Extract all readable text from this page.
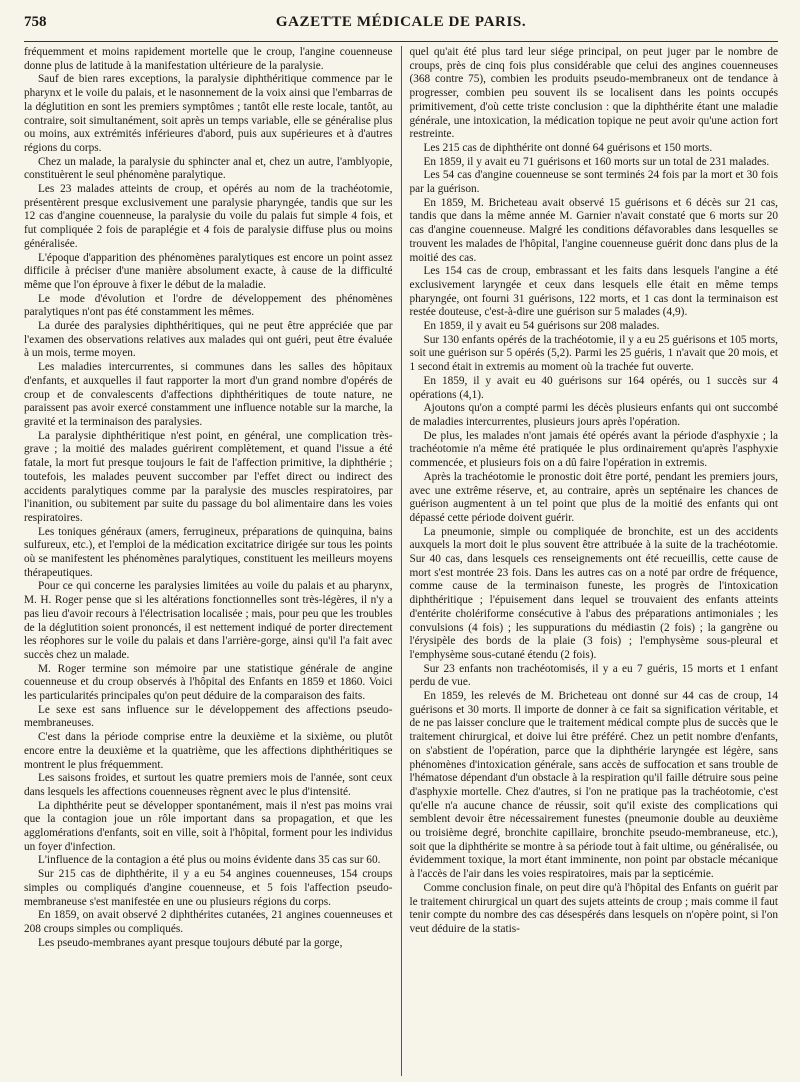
758	GAZETTE MÉDICALE DE PARIS.

fréquemment et moins rapidement mortelle que le croup, l'angine couenneuse donne plus de latitude à la manifestation ultérieure de la paralysie.

Sauf de bien rares exceptions, la paralysie diphthéritique commence par le pharynx et le voile du palais, et le nasonnement de la voix ainsi que l'embarras de la déglutition en sont les premiers symptômes ; tantôt elle reste locale, tantôt, au contraire, soit simultanément, soit après un temps variable, elle se généralise plus ou moins, aux extrémités inférieures d'abord, puis aux supérieures et à d'autres régions du corps.

Chez un malade, la paralysie du sphincter anal et, chez un autre, l'amblyopie, constituèrent le seul phénomène paralytique.

Les 23 malades atteints de croup, et opérés au nom de la trachéotomie, présentèrent presque exclusivement une paralysie pharyngée, tandis que sur les 12 cas d'angine couenneuse, la paralysie du voile du palais fut simple 4 fois, et fut compliquée 2 fois de paraplégie et 4 fois de paralysie diffuse plus ou moins généralisée.

L'époque d'apparition des phénomènes paralytiques est encore un point assez difficile à préciser d'une manière absolument exacte, à cause de la difficulté même que l'on éprouve à fixer le début de la maladie.

Le mode d'évolution et l'ordre de développement des phénomènes paralytiques n'ont pas été constamment les mêmes.

La durée des paralysies diphthéritiques, qui ne peut être appréciée que par l'examen des observations relatives aux malades qui ont guéri, peut être évaluée à un mois, terme moyen.

Les maladies intercurrentes, si communes dans les salles des hôpitaux d'enfants, et auxquelles il faut rapporter la mort d'un grand nombre d'opérés de croup et de convalescents d'affections diphthéritiques de toute nature, ne paraissent pas avoir exercé constamment une influence notable sur la marche, la gravité et la terminaison des paralysies.

La paralysie diphthéritique n'est point, en général, une complication très-grave ; la moitié des malades guérirent complètement, et quand l'issue a été fatale, la mort fut presque toujours le fait de l'affection primitive, la diphthérie ; toutefois, les malades peuvent succomber par l'effet direct ou indirect des accidents paralytiques comme par la paralysie des muscles respiratoires, par l'inanition, ou subitement par suite du passage du bol alimentaire dans les voies respiratoires.

Les toniques généraux (amers, ferrugineux, préparations de quinquina, bains sulfureux, etc.), et l'emploi de la médication excitatrice dirigée sur tous les points où se manifestent les phénomènes paralytiques, constituent les meilleurs moyens thérapeutiques.

Pour ce qui concerne les paralysies limitées au voile du palais et au pharynx, M. H. Roger pense que si les altérations fonctionnelles sont très-légères, il n'y a pas lieu d'avoir recours à l'électrisation localisée ; mais, pour peu que les troubles de la déglutition soient prononcés, il est nettement indiqué de porter directement les réophores sur le voile du palais et dans l'arrière-gorge, ainsi qu'il l'a fait avec succès chez un malade.

M. Roger termine son mémoire par une statistique générale de angine couenneuse et du croup observés à l'hôpital des Enfants en 1859 et 1860. Voici les particularités principales qu'on peut déduire de la comparaison des faits.

Le sexe est sans influence sur le développement des affections pseudo-membraneuses.

C'est dans la période comprise entre la deuxième et la sixième, ou plutôt encore entre la deuxième et la quatrième, que les affections diphthéritiques se montrent le plus fréquemment.

Les saisons froides, et surtout les quatre premiers mois de l'année, sont ceux dans lesquels les affections couenneuses règnent avec le plus d'intensité.

La diphthérite peut se développer spontanément, mais il n'est pas moins vrai que la contagion joue un rôle important dans sa propagation, et que les agglomérations d'enfants, soit en ville, soit à l'hôpital, forment pour les individus un foyer d'infection.

L'influence de la contagion a été plus ou moins évidente dans 35 cas sur 60.

Sur 215 cas de diphthérite, il y a eu 54 angines couenneuses, 154 croups simples ou compliqués d'angine couenneuse, et 5 fois l'affection pseudo-membraneuse s'est manifestée en une ou plusieurs régions du corps.

En 1859, on avait observé 2 diphthérites cutanées, 21 angines couenneuses et 208 croups simples ou compliqués.

Les pseudo-membranes ayant presque toujours débuté par la gorge,

quel qu'ait été plus tard leur siége principal, on peut juger par le nombre de croups, près de cinq fois plus considérable que celui des angines couenneuses (368 contre 75), combien les produits pseudo-membraneux ont de tendance à progresser, combien peu souvent ils se localisent dans les points occupés primitivement, d'où cette triste conclusion : que la diphthérite étant une maladie générale, une intoxication, la médication topique ne peut avoir qu'une action fort restreinte.

Les 215 cas de diphthérite ont donné 64 guérisons et 150 morts.

En 1859, il y avait eu 71 guérisons et 160 morts sur un total de 231 malades.

Les 54 cas d'angine couenneuse se sont terminés 24 fois par la mort et 30 fois par la guérison.

En 1859, M. Bricheteau avait observé 15 guérisons et 6 décès sur 21 cas, tandis que dans la même année M. Garnier n'avait constaté que 6 morts sur 20 cas d'angine couenneuse. Malgré les conditions défavorables dans lesquelles se trouvent les malades de l'hôpital, l'angine couenneuse guérit donc dans plus de la moitié des cas.

Les 154 cas de croup, embrassant et les faits dans lesquels l'angine a été exclusivement laryngée et ceux dans lesquels elle était en même temps pharyngée, ont fourni 31 guérisons, 122 morts, et 1 cas dont la terminaison est restée douteuse, c'est-à-dire une guérison sur 5 malades (4,9).

En 1859, il y avait eu 54 guérisons sur 208 malades.

Sur 130 enfants opérés de la trachéotomie, il y a eu 25 guérisons et 105 morts, soit une guérison sur 5 opérés (5,2). Parmi les 25 guéris, 1 n'avait que 20 mois, et 1 second était in extremis au moment où la trachée fut ouverte.

En 1859, il y avait eu 40 guérisons sur 164 opérés, ou 1 succès sur 4 opérations (4,1).

Ajoutons qu'on a compté parmi les décès plusieurs enfants qui ont succombé de maladies intercurrentes, plusieurs jours après l'opération.

De plus, les malades n'ont jamais été opérés avant la période d'asphyxie ; la trachéotomie n'a même été pratiquée le plus ordinairement qu'après l'asphyxie commencée, et plusieurs fois on a dû faire l'opération in extremis.

Après la trachéotomie le pronostic doit être porté, pendant les premiers jours, avec une extrême réserve, et, au contraire, après un septénaire les chances de guérison augmentent à un tel point que plus de la moitié des enfants qui ont dépassé cette période doivent guérir.

La pneumonie, simple ou compliquée de bronchite, est un des accidents auxquels la mort doit le plus souvent être attribuée à la suite de la trachéotomie. Sur 40 cas, dans lesquels ces renseignements ont été recueillis, cette cause de mort s'est montrée 23 fois. Dans les autres cas on a noté par ordre de fréquence, comme cause de la terminaison funeste, les progrès de l'intoxication diphthéritique ; l'épuisement dans lequel se trouvaient des enfants atteints d'entérite cholériforme consécutive à l'abus des préparations antimoniales ; les convulsions (4 fois) ; les suppurations du médiastin (2 fois) ; la gangrène ou l'érysipèle des bords de la plaie (3 fois) ; l'emphysème sous-pleural et l'emphysème sous-cutané étendu (2 fois).

Sur 23 enfants non trachéotomisés, il y a eu 7 guéris, 15 morts et 1 enfant perdu de vue.

En 1859, les relevés de M. Bricheteau ont donné sur 44 cas de croup, 14 guérisons et 30 morts. Il importe de donner à ce fait sa signification véritable, et de ne pas laisser conclure que le traitement médical compte plus de succès que le traitement chirurgical, et doive lui être préféré. Chez un petit nombre d'enfants, on s'abstient de l'opération, parce que la diphthérie laryngée est légère, sans phénomènes d'intoxication générale, sans accès de suffocation et sans trouble de l'hématose dépendant d'un obstacle à la respiration qu'il faille détruire sous peine d'asphyxie mortelle. Chez d'autres, si l'on ne pratique pas la trachéotomie, c'est qu'elle n'a aucune chance de réussir, soit qu'il existe des complications qui semblent devoir être nécessairement funestes (pneumonie double au deuxième ou troisième degré, bronchite capillaire, bronchite pseudo-membraneuse, etc.), soit que la diphthérite se montre à sa période tout à fait ultime, ou généralisée, ou évidemment toxique, la mort étant imminente, non point par obstacle mécanique à l'accès de l'air dans les voies respiratoires, mais par la septicémie.

Comme conclusion finale, on peut dire qu'à l'hôpital des Enfants on guérit par le traitement chirurgical un quart des sujets atteints de croup ; mais comme il faut tenir compte du nombre des cas désespérés dans lesquels on n'opère point, si l'on veut déduire de la statis-
